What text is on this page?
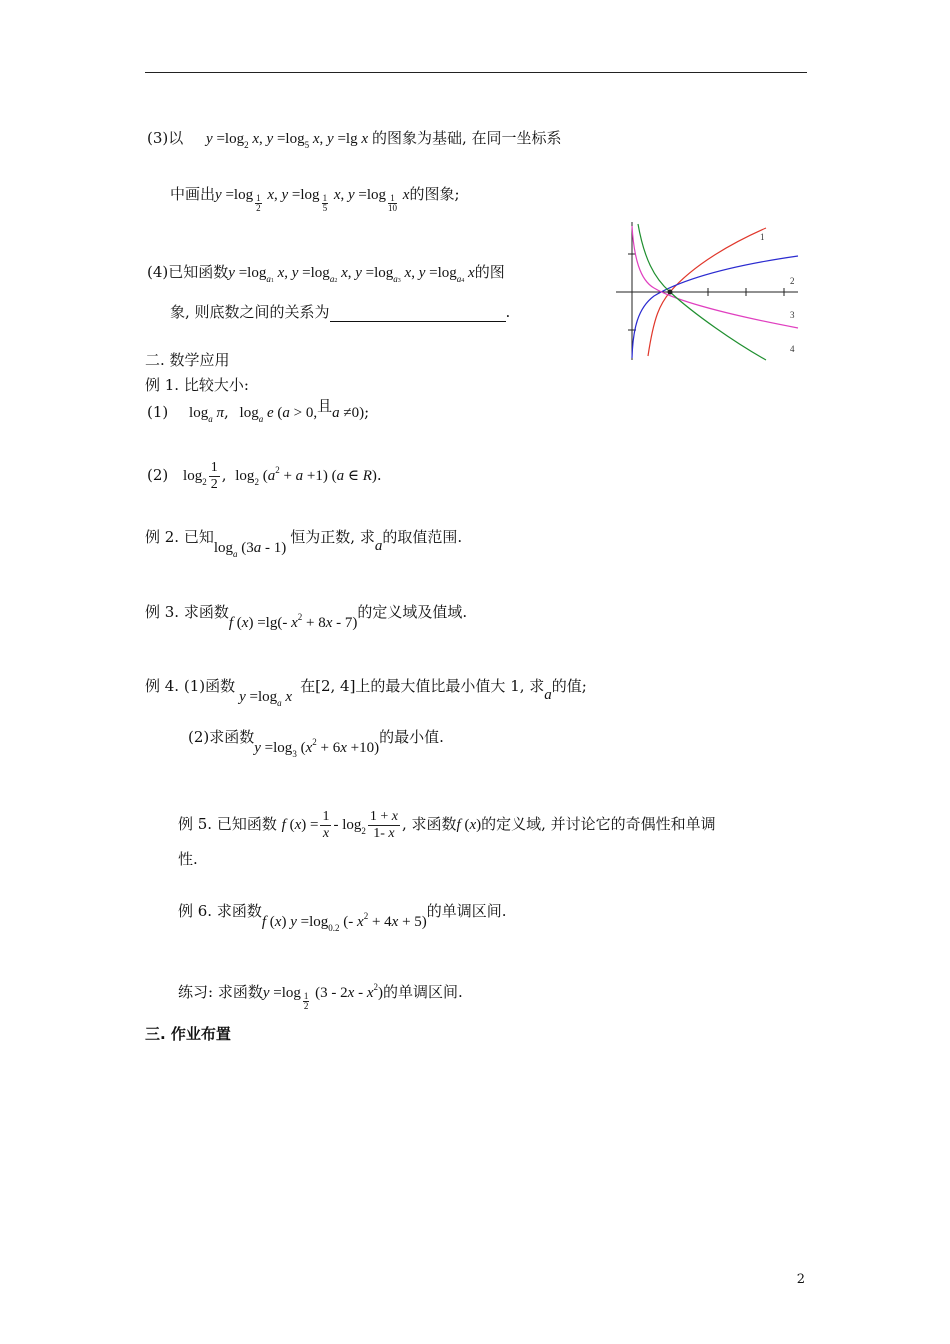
(3)以 $y =\log_2$ x, $y =\log_5$ x, y =lg x 的图象为基础, 在同一坐标系
中画出$y =\log \frac{1}{2} x$, $y =\log \frac{1}{5} x$, $y =\log \frac{1}{10}$ x的图象;
(4)已知函数$y =\log_{a1}$ x, $y =\log_{a2}$ x, $y =\log_{a3}$ x, $y =\log_{a4}$ x的图
象, 则底数之间的关系为	.
1
2
3
4
二. 数学应用
例 1. 比较大小:
(1) $\log_a \pi$, $\log_a e$ (a > 0,且a ≠0);
(2) $\log_2 \frac{1}{2}$ , $\log_2 (a^2 + a +1)$ (a ∈ R).
例 2. 已知$\log_a (3a - 1)$恒为正数, 求a的取值范围.
例 3. 求函数f (x) =lg(- $x^2 + 8x - 7$)的定义域及值域.
例 4. (1)函数$y =\log_a$ x在[2, 4]上的最大值比最小值大 1, 求a的值;
(2)求函数$y =\log_3$ $(x^2 + 6x +10)$的最小值.
例 5. 已知函数 f $(x) = \frac{1}{x} - \log_2 \frac{1 + x}{1- x}$ , 求函数f (x)的定义域, 并讨论它的奇偶性和单调
性.
例 6. 求函数f (x) $y =\log_{0.2}$ (- $x^2 + 4x + 5$)的单调区间.
练习: 求函数$y =\log \frac{1}{2} (3 - 2x - x^2)$的单调区间.
三. 作业布置
2
